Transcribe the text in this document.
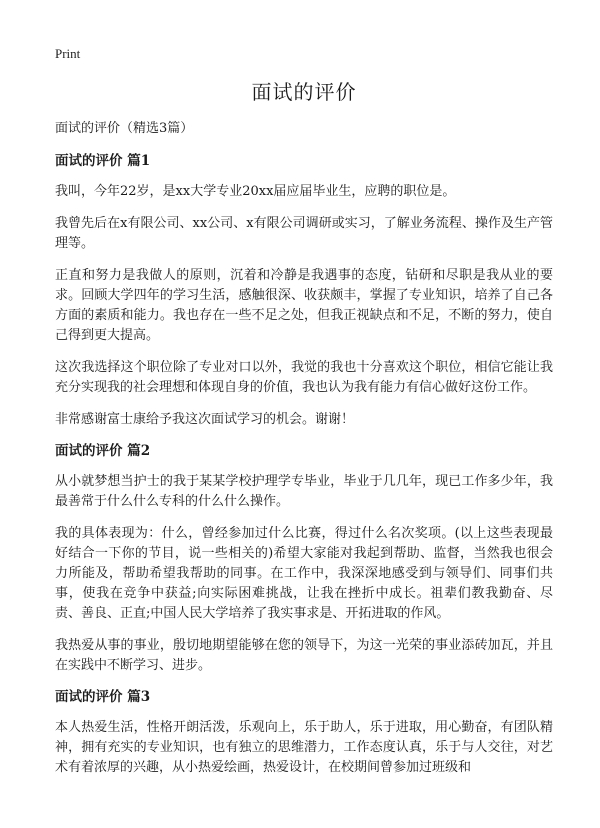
Print
面试的评价

面试的评价（精选3篇）

面试的评价 篇1

我叫，今年22岁，是xx大学专业20xx届应届毕业生，应聘的职位是。

我曾先后在x有限公司、xx公司、x有限公司调研或实习，了解业务流程、操作及生产管理等。

正直和努力是我做人的原则，沉着和冷静是我遇事的态度，钻研和尽职是我从业的要求。回顾大学四年的学习生活，感触很深、收获颇丰，掌握了专业知识，培养了自己各方面的素质和能力。我也存在一些不足之处，但我正视缺点和不足，不断的努力，使自己得到更大提高。

这次我选择这个职位除了专业对口以外，我觉的我也十分喜欢这个职位，相信它能让我充分实现我的社会理想和体现自身的价值，我也认为我有能力有信心做好这份工作。

非常感谢富士康给予我这次面试学习的机会。谢谢！

面试的评价 篇2

从小就梦想当护士的我于某某学校护理学专毕业，毕业于几几年，现已工作多少年，我最善常于什么什么专科的什么什么操作。

我的具体表现为：什么，曾经参加过什么比赛，得过什么名次奖项。(以上这些表现最好结合一下你的节目，说一些相关的)希望大家能对我起到帮助、监督，当然我也很会力所能及，帮助希望我帮助的同事。在工作中，我深深地感受到与领导们、同事们共事，使我在竞争中获益;向实际困难挑战，让我在挫折中成长。祖辈们教我勤奋、尽责、善良、正直;中国人民大学培养了我实事求是、开拓进取的作风。

我热爱从事的事业，殷切地期望能够在您的领导下，为这一光荣的事业添砖加瓦，并且在实践中不断学习、进步。

面试的评价 篇3

本人热爱生活，性格开朗活泼，乐观向上，乐于助人，乐于进取，用心勤奋，有团队精神，拥有充实的专业知识，也有独立的思维潜力，工作态度认真，乐于与人交往，对艺术有着浓厚的兴趣，从小热爱绘画，热爱设计，在校期间曾参加过班级和
